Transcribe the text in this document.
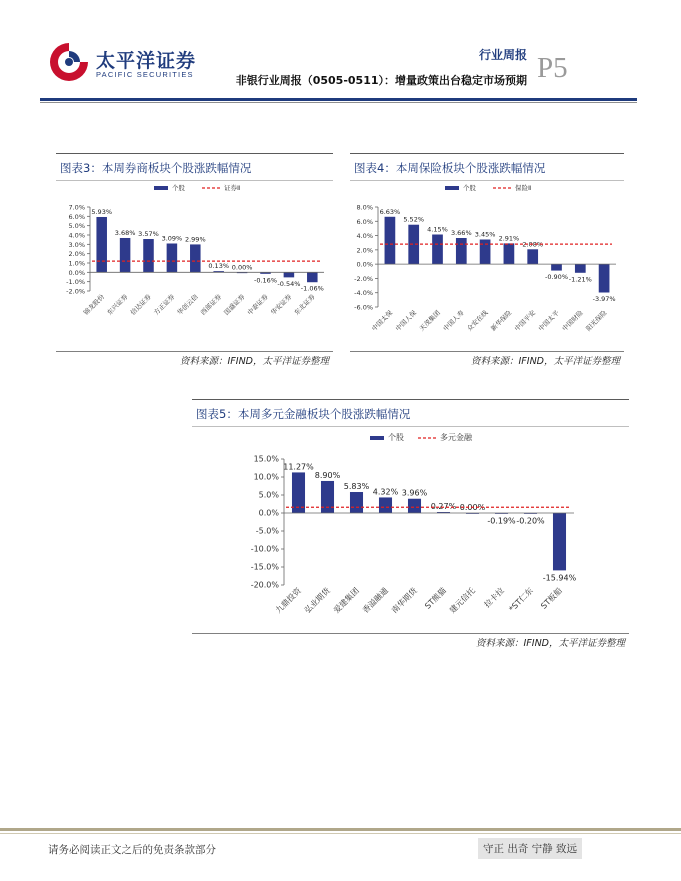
太平洋证券
PACIFIC SECURITIES
行业周报
非银行业周报（0505-0511）：增量政策出台稳定市场预期 P5
图表3：本周券商板块个股涨跌幅情况
个股	证券Ⅱ
7.0%
6.0%
5.0%
4.0%
3.0%
2.0%
1.0%
0.0%
-1.0%
-2.0%
5.93%
锦龙股份
3.68%
东兴证券
3.57%
信达证券
3.09%
方正证券
2.99%
华创云信
0.13%
西部证券
0.00%
国盛证券
-0.16%
中泰证券
-0.54%
华安证券
-1.06%
东北证券
资料来源：IFIND，太平洋证券整理
图表4：本周保险板块个股涨跌幅情况
个股	保险Ⅱ
8.0%
6.0%
4.0%
2.0%
0.0%
-2.0%
-4.0%
-6.0%
6.63%
中国太保
5.52%
中国人保
4.15%
天茂集团
3.66%
中国人寿
3.45%
众安在线
2.91%
新华保险
2.08%
中国平安
-0.90%
中国太平
-1.21%
中国财险
-3.97%
阳光保险
资料来源：IFIND，太平洋证券整理
图表5：本周多元金融板块个股涨跌幅情况
个股	多元金融
15.0%
10.0%
5.0%
0.0%
-5.0%
-10.0%
-15.0%
-20.0%
11.27%
九鼎投资
8.90%
弘业期货
5.83%
爱建集团
4.32%
香溢融通
3.96%
南华期货
0.27%
ST熊猫
0.00%
建元信托
-0.19%
拉卡拉
-0.20%
*ST仁东
-15.94%
ST板船
资料来源：IFIND，太平洋证券整理
请务必阅读正文之后的免责条款部分	守正 出奇 宁静 致远
